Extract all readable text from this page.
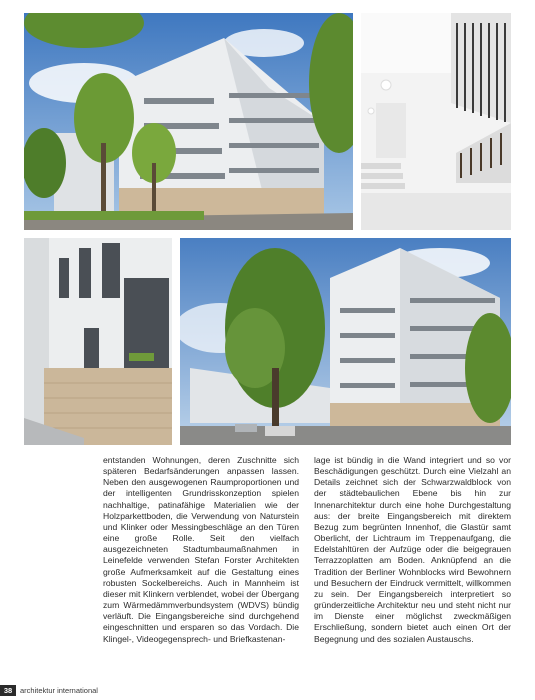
entstanden Wohnungen, deren Zuschnitte sich späteren Bedarfsänderungen anpassen lassen. Neben den ausgewogenen Raumproportionen und der intelligenten Grundrisskonzeption spielen nachhaltige, patinafähige Materialien wie der Holzparkettboden, die Verwendung von Naturstein und Klinker oder Messingbeschläge an den Türen eine große Rolle. Seit den vielfach ausgezeichneten Stadtumbaumaßnahmen in Leinefelde verwenden Stefan Forster Architekten große Aufmerksamkeit auf die Gestaltung eines robusten Sockelbereichs. Auch in Mannheim ist dieser mit Klinkern verblendet, wobei der Übergang zum Wärmedämmverbundsystem (WDVS) bündig verläuft. Die Eingangsbereiche sind durchgehend eingeschnitten und ersparen so das Vordach. Die Klingel-, Videogegensprech- und Briefkastenan-

lage ist bündig in die Wand integriert und so vor Beschädigungen geschützt. Durch eine Vielzahl an Details zeichnet sich der Schwarzwaldblock von der städtebaulichen Ebene bis hin zur Innenarchitektur durch eine hohe Durchgestaltung aus: der breite Eingangsbereich mit direktem Bezug zum begrünten Innenhof, die Glastür samt Oberlicht, der Lichtraum im Treppenaufgang, die Edelstahltüren der Aufzüge oder die beigegrauen Terrazzoplatten am Boden. Anknüpfend an die Tradition der Berliner Wohnblocks wird Bewohnern und Besuchern der Eindruck vermittelt, willkommen zu sein. Der Eingangsbereich interpretiert so gründerzeitliche Architektur neu und steht nicht nur im Dienste einer möglichst zweckmäßigen Erschließung, sondern bietet auch einen Ort der Begegnung und des sozialen Austauschs.

38	architektur international
